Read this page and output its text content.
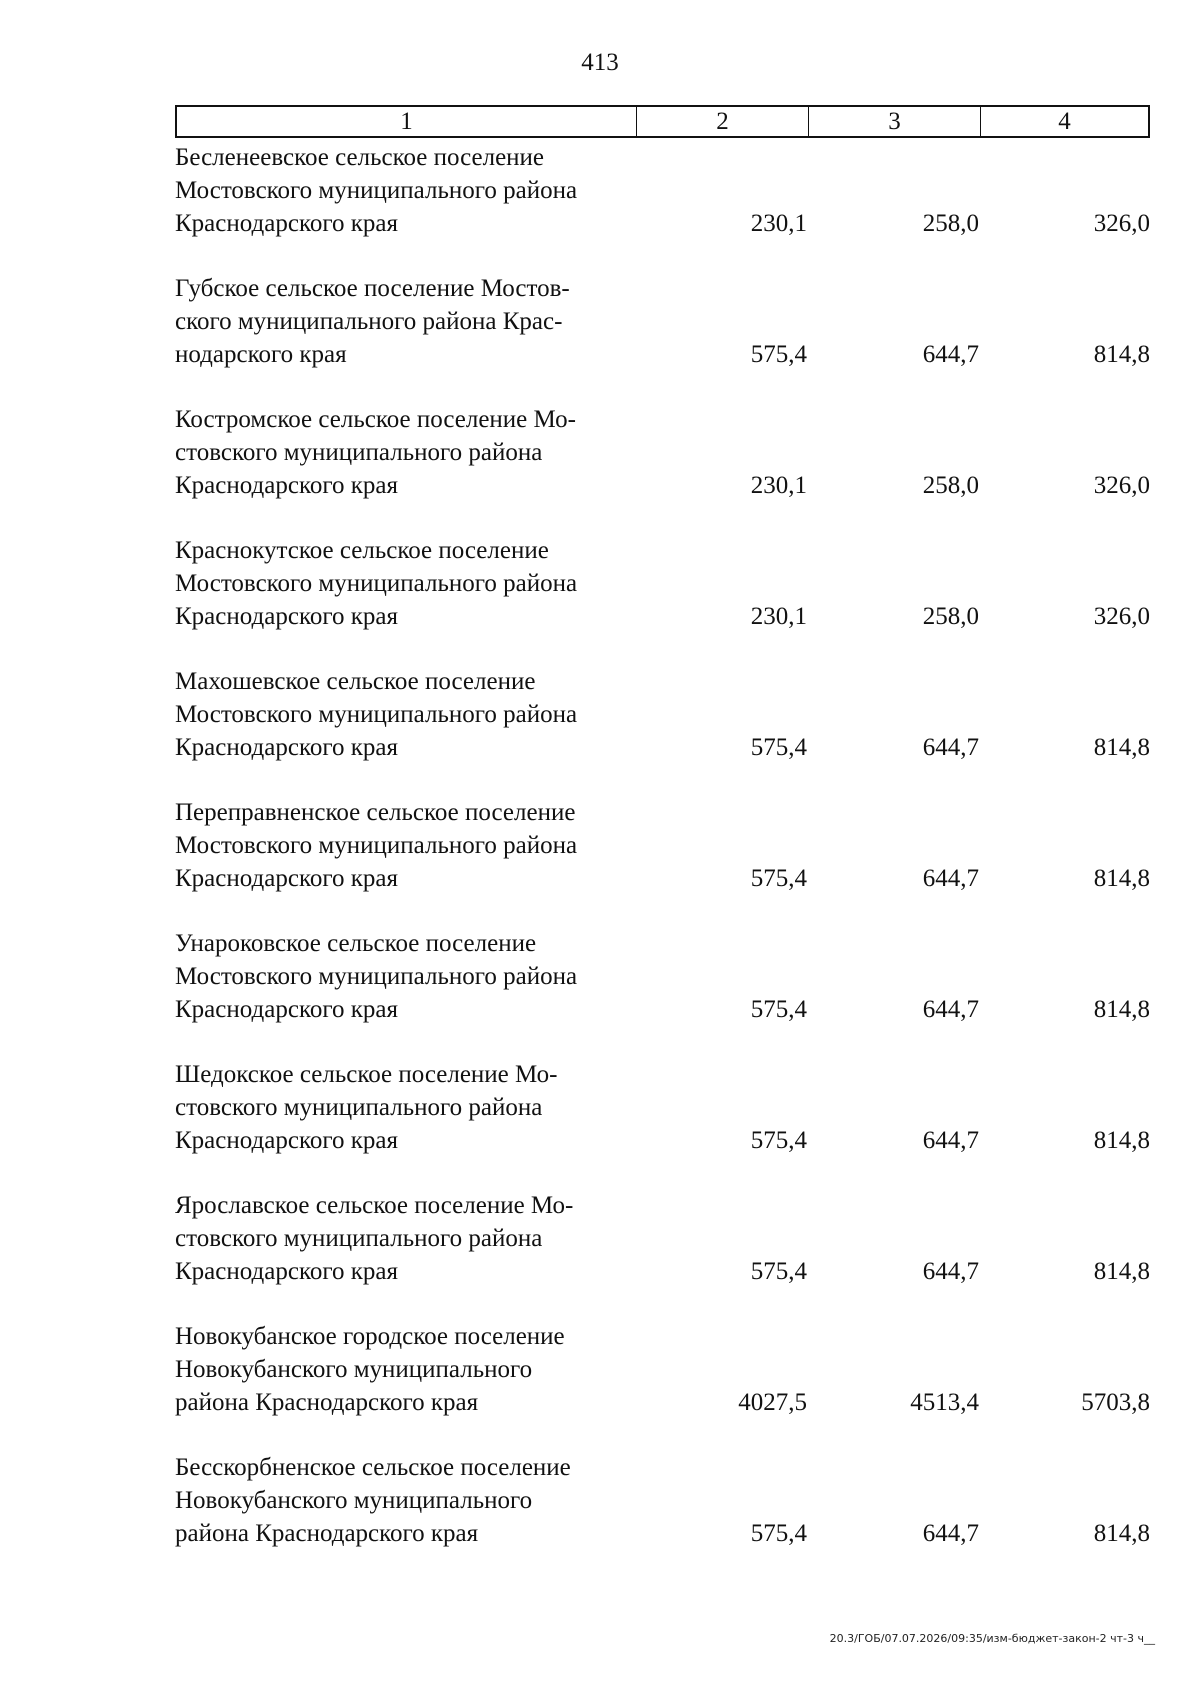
413
1	2	3	4
Бесленеевское сельское поселение
Мостовского муниципального района
Краснодарского края	230,1	258,0	326,0
Губское сельское поселение Мостов-
ского муниципального района Крас-
нодарского края	575,4	644,7	814,8
Костромское сельское поселение Мо-
стовского муниципального района
Краснодарского края	230,1	258,0	326,0
Краснокутское сельское поселение
Мостовского муниципального района
Краснодарского края	230,1	258,0	326,0
Махошевское сельское поселение
Мостовского муниципального района
Краснодарского края	575,4	644,7	814,8
Переправненское сельское поселение
Мостовского муниципального района
Краснодарского края	575,4	644,7	814,8
Унароковское сельское поселение
Мостовского муниципального района
Краснодарского края	575,4	644,7	814,8
Шедокское сельское поселение Мо-
стовского муниципального района
Краснодарского края	575,4	644,7	814,8
Ярославское сельское поселение Мо-
стовского муниципального района
Краснодарского края	575,4	644,7	814,8
Новокубанское городское поселение
Новокубанского муниципального
района Краснодарского края	4027,5	4513,4	5703,8
Бесскорбненское сельское поселение
Новокубанского муниципального
района Краснодарского края	575,4	644,7	814,8
20.3/ГОБ/07.07.2026/09:35/изм-бюджет-закон-2 чт-3 ч__
